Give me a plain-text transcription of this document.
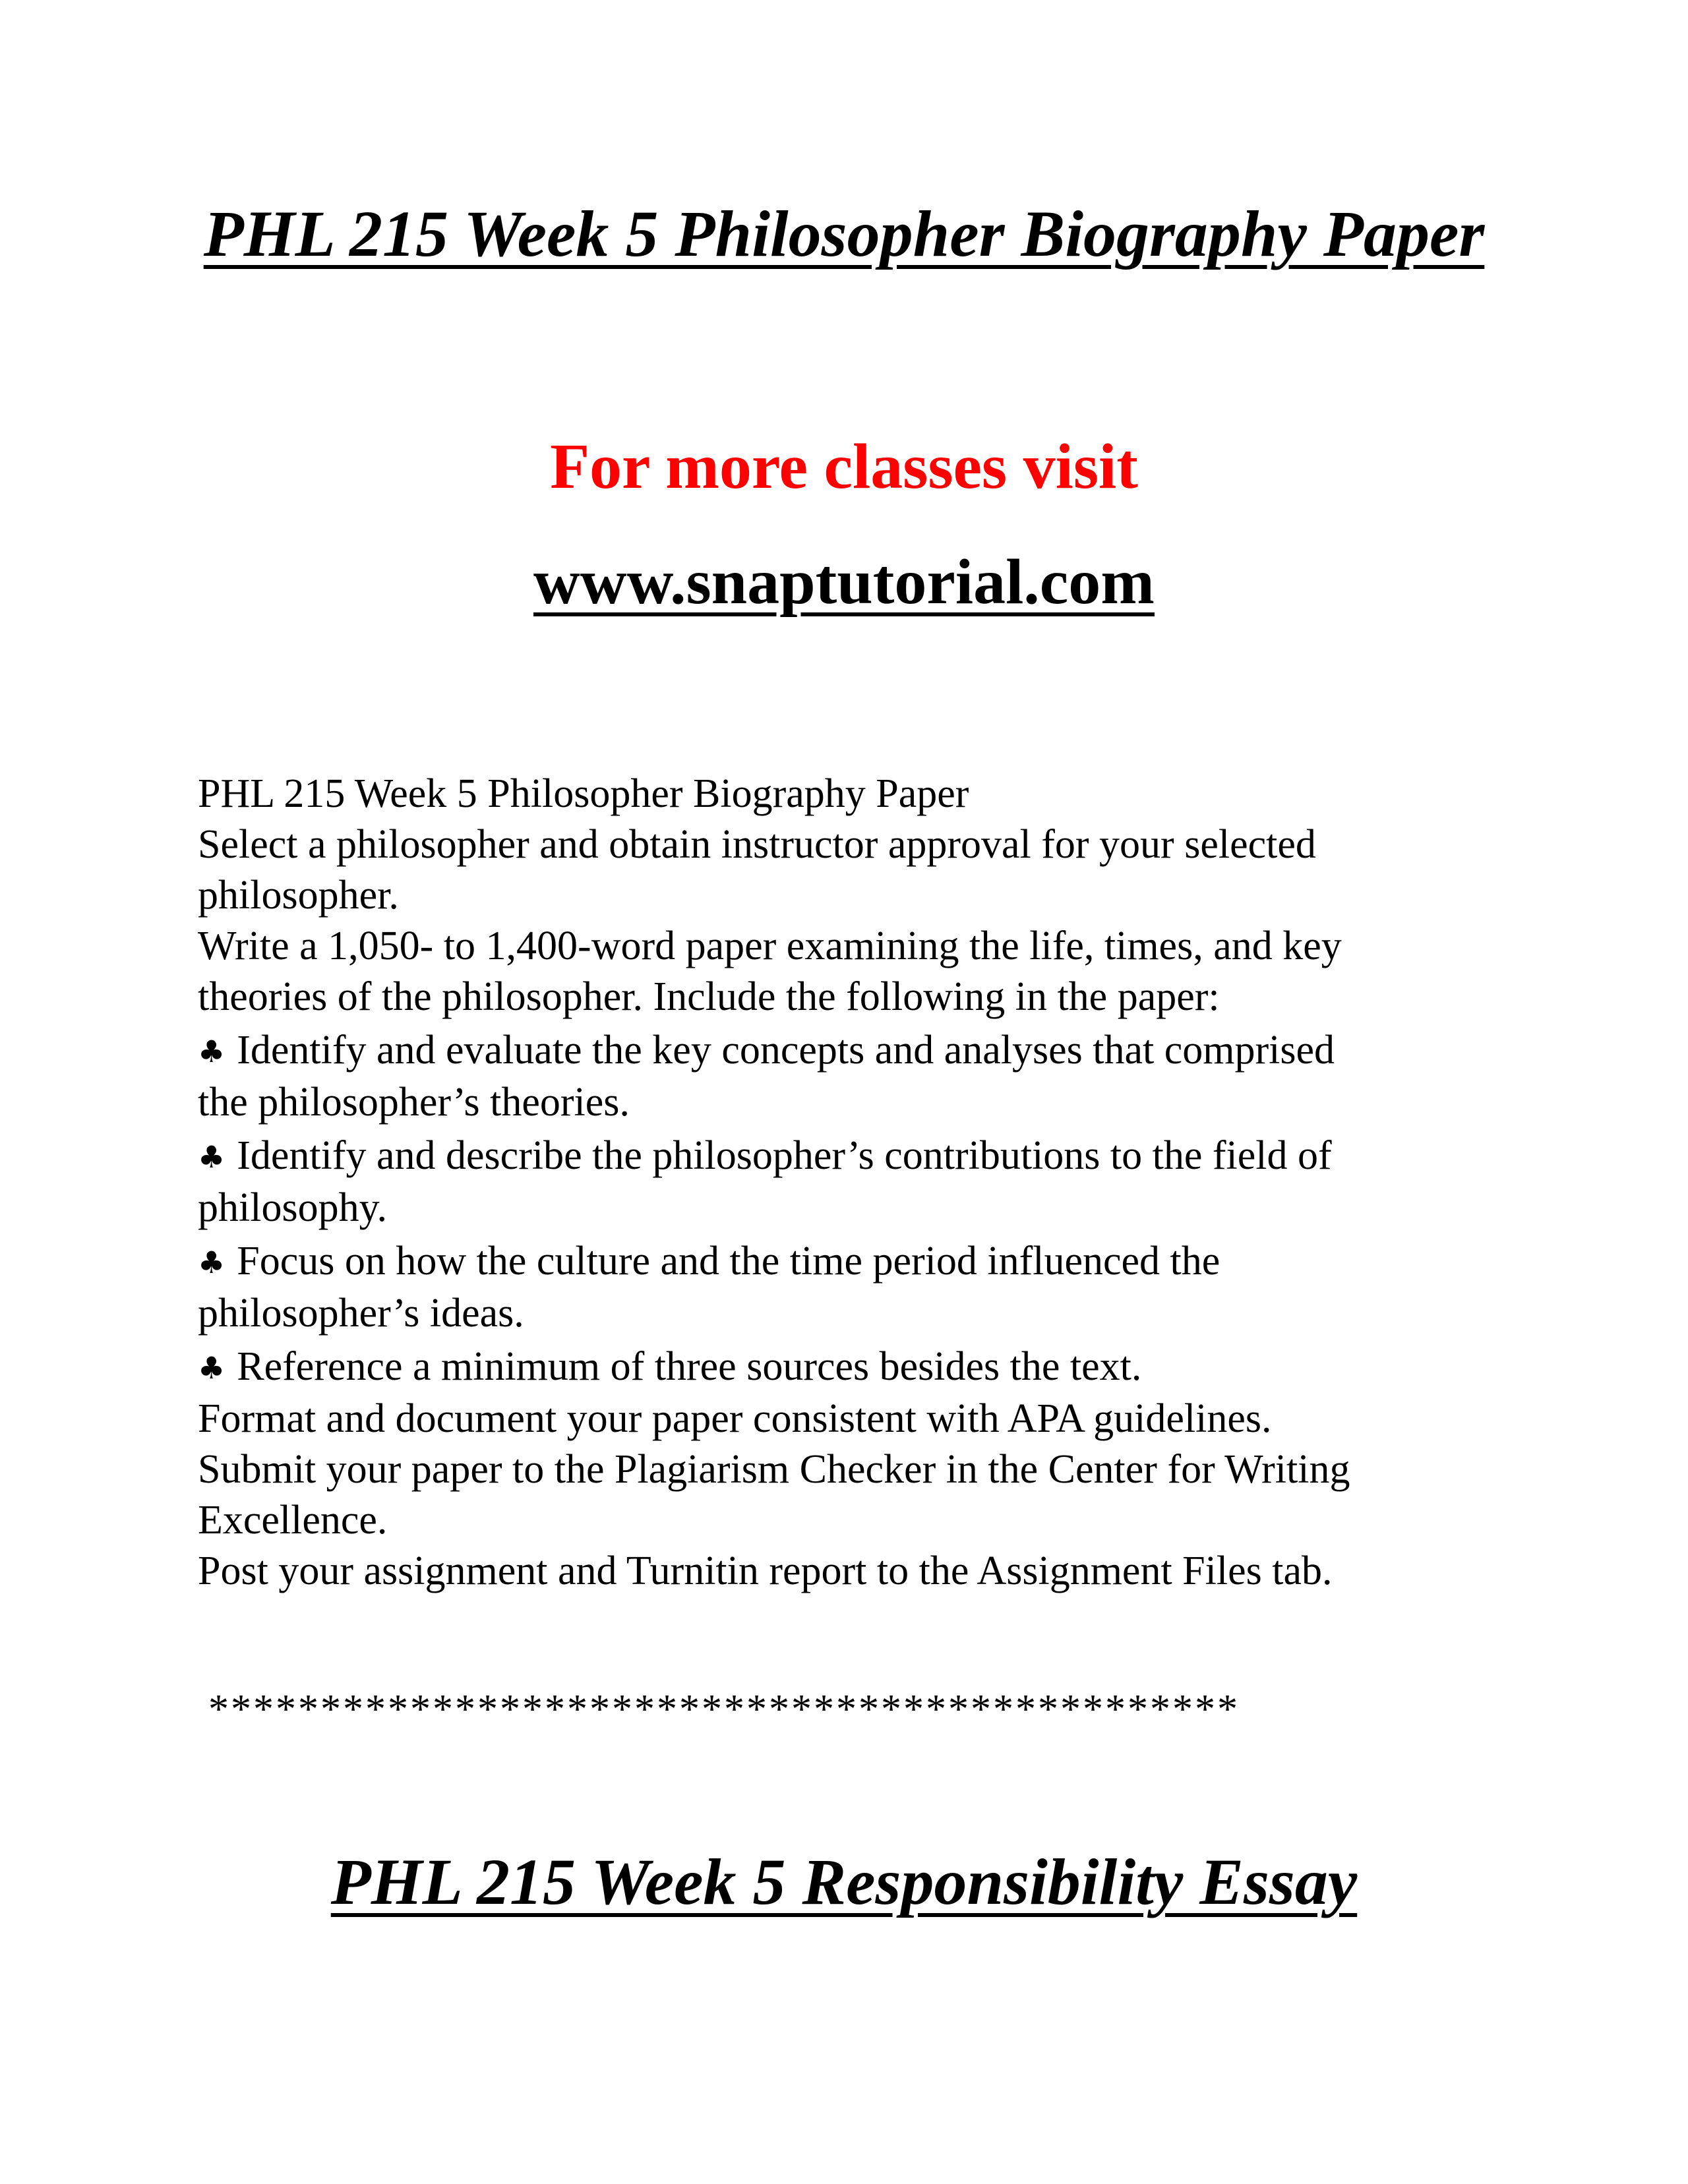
PHL 215 Week 5 Philosopher Biography Paper
For more classes visit
www.snaptutorial.com
PHL 215 Week 5 Philosopher Biography Paper
Select a philosopher and obtain instructor approval for your selected
philosopher.
Write a 1,050- to 1,400-word paper examining the life, times, and key
theories of the philosopher. Include the following in the paper:
♣ Identify and evaluate the key concepts and analyses that comprised
the philosopher’s theories.
♣ Identify and describe the philosopher’s contributions to the field of
philosophy.
♣ Focus on how the culture and the time period influenced the
philosopher’s ideas.
♣ Reference a minimum of three sources besides the text.
Format and document your paper consistent with APA guidelines.
Submit your paper to the Plagiarism Checker in the Center for Writing
Excellence.
Post your assignment and Turnitin report to the Assignment Files tab.
**********************************************
PHL 215 Week 5 Responsibility Essay
